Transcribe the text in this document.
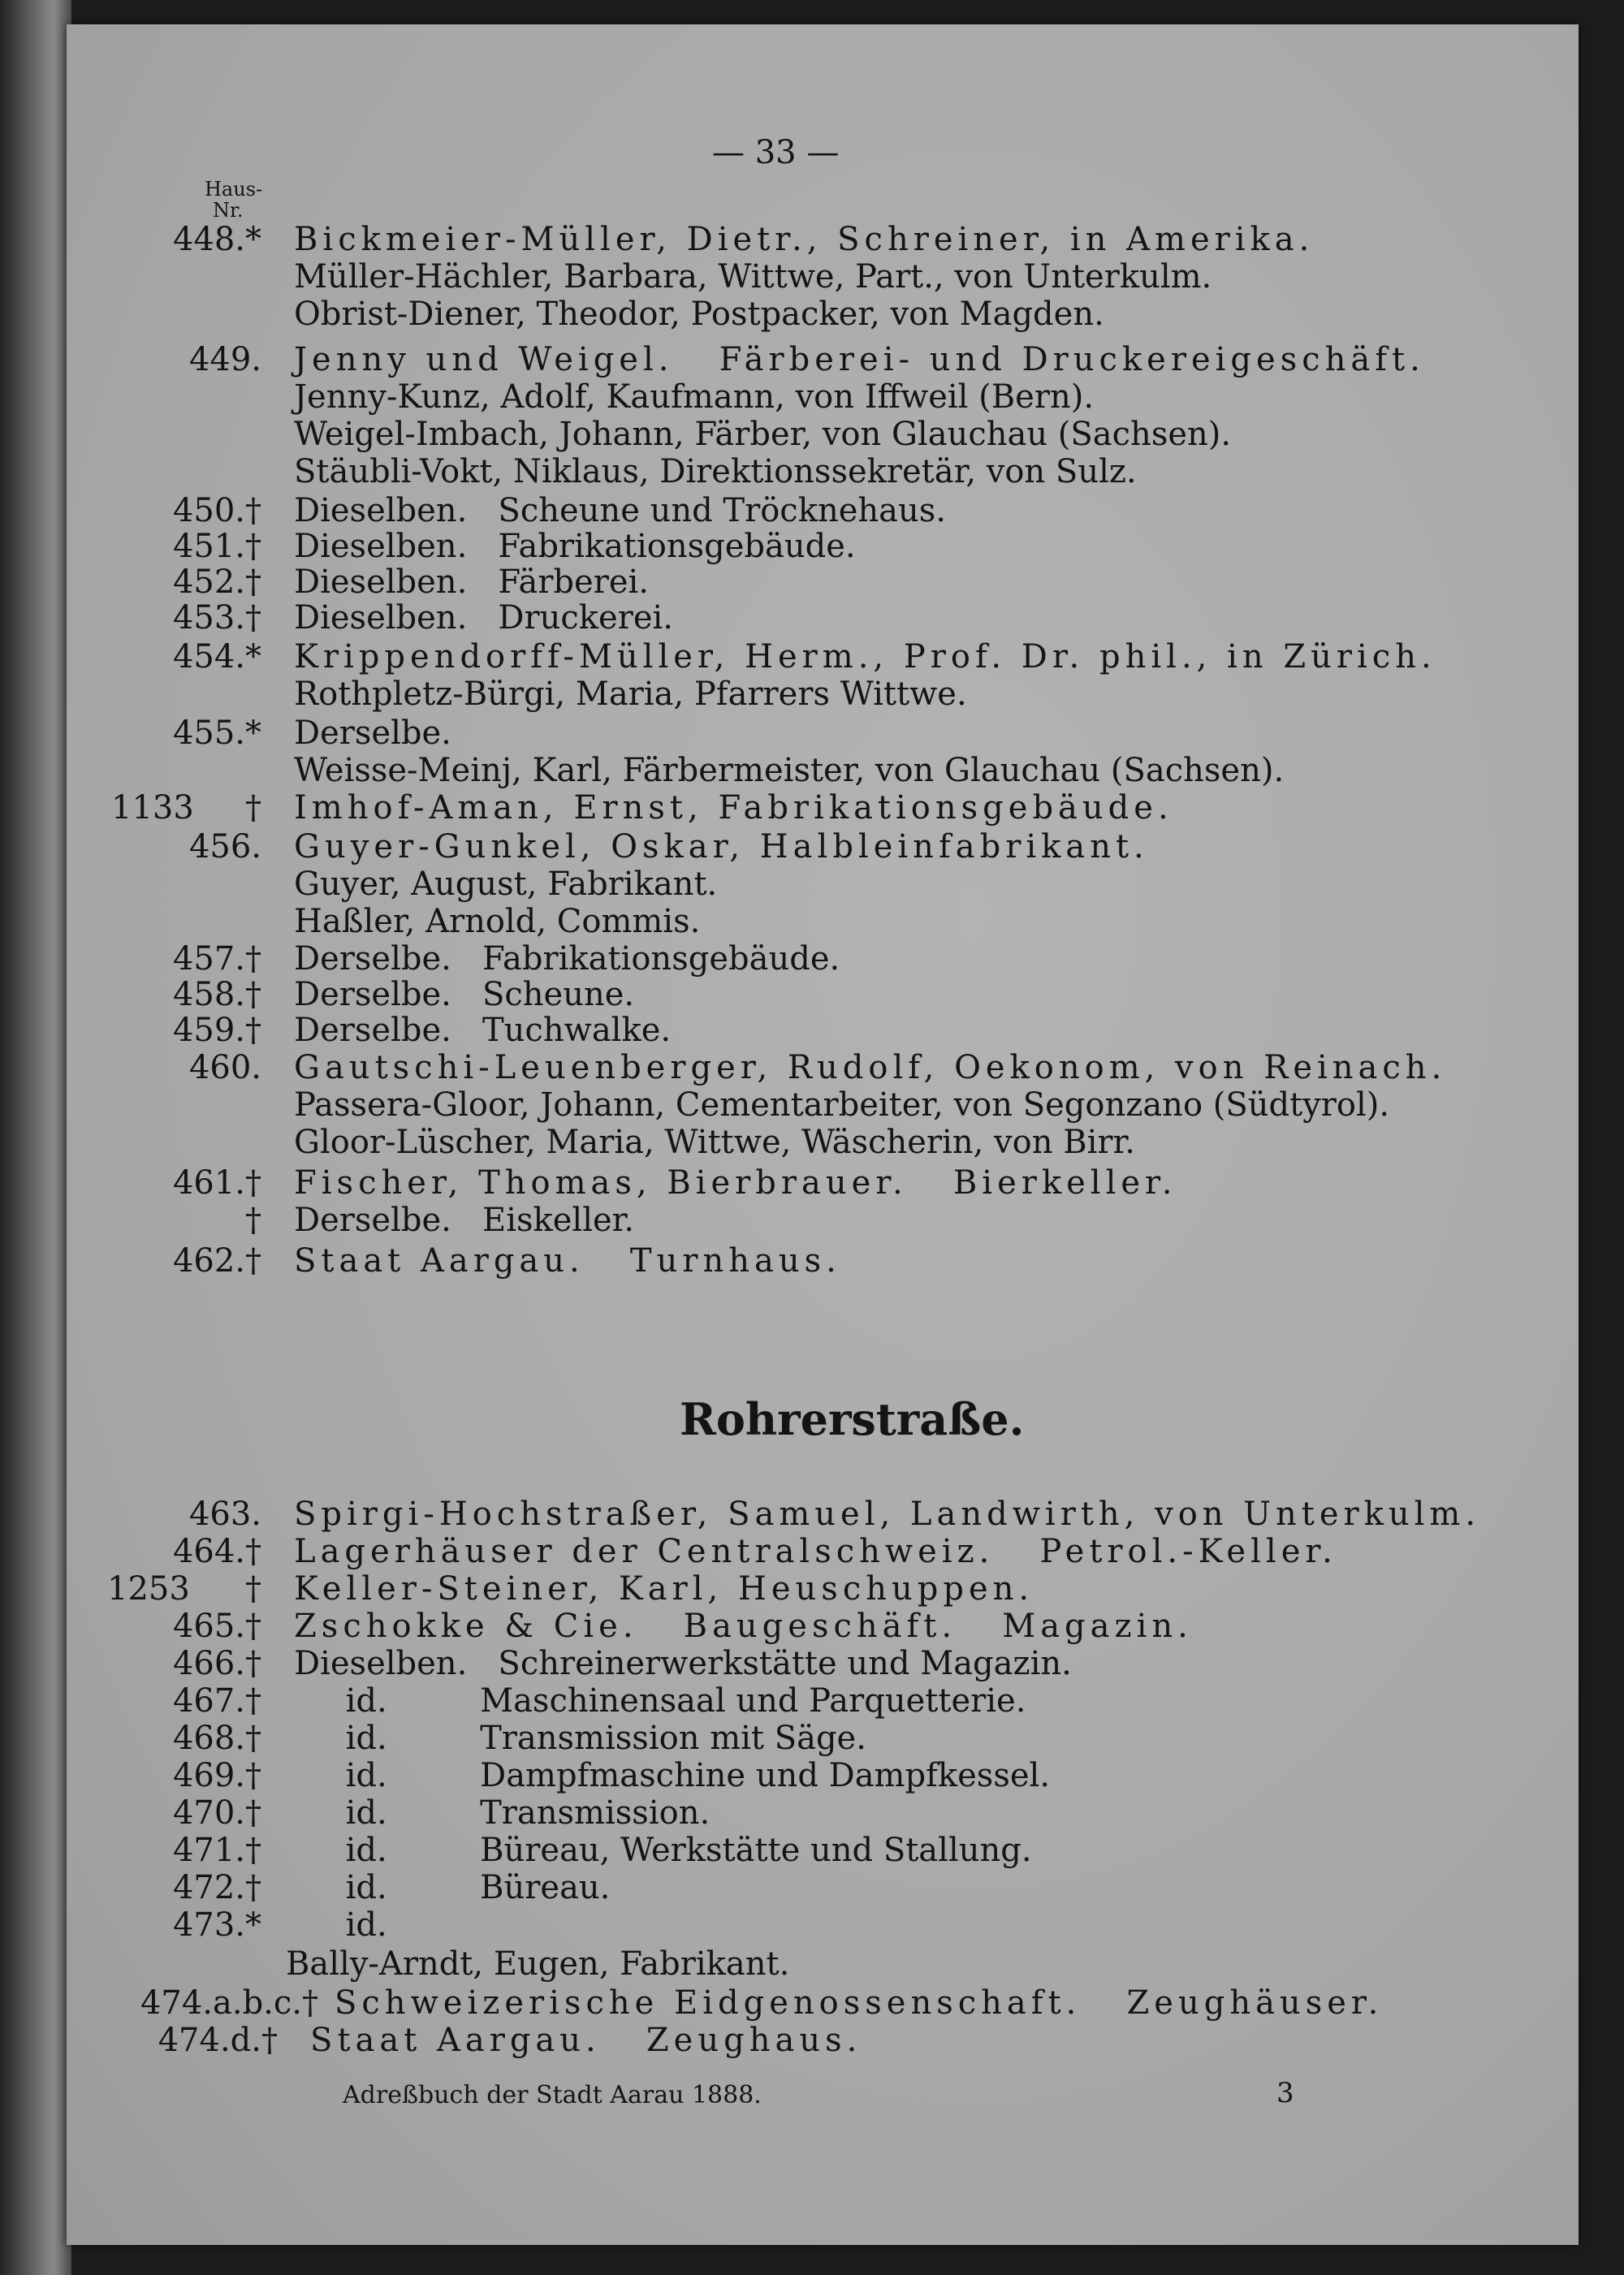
— 33 —
Haus-
Nr.
448.* Bickmeier-Müller, Dietr., Schreiner, in Amerika.
Müller-Hächler, Barbara, Wittwe, Part., von Unterkulm.
Obrist-Diener, Theodor, Postpacker, von Magden.
449. Jenny und Weigel.   Färberei- und Druckereigeschäft.
Jenny-Kunz, Adolf, Kaufmann, von Iffweil (Bern).
Weigel-Imbach, Johann, Färber, von Glauchau (Sachsen).
Stäubli-Vokt, Niklaus, Direktionssekretär, von Sulz.
450.† Dieselben.   Scheune und Tröcknehaus.
451.† Dieselben.   Fabrikationsgebäude.
452.† Dieselben.   Färberei.
453.† Dieselben.   Druckerei.
454.* Krippendorff-Müller, Herm., Prof. Dr. phil., in Zürich.
Rothpletz-Bürgi, Maria, Pfarrers Wittwe.
455.* Derselbe.
Weisse-Meinj, Karl, Färbermeister, von Glauchau (Sachsen).
1133	† Imhof-Aman, Ernst, Fabrikationsgebäude.
456. Guyer-Gunkel, Oskar, Halbleinfabrikant.
Guyer, August, Fabrikant.
Haßler, Arnold, Commis.
457.† Derselbe.   Fabrikationsgebäude.
458.† Derselbe.   Scheune.
459.† Derselbe.   Tuchwalke.
460. Gautschi-Leuenberger, Rudolf, Oekonom, von Reinach.
Passera-Gloor, Johann, Cementarbeiter, von Segonzano (Südtyrol).
Gloor-Lüscher, Maria, Wittwe, Wäscherin, von Birr.
461.† Fischer, Thomas, Bierbrauer.   Bierkeller.
† Derselbe.   Eiskeller.
462.† Staat Aargau.   Turnhaus.
Rohrerstraße.
463. Spirgi-Hochstraßer, Samuel, Landwirth, von Unterkulm.
464.† Lagerhäuser der Centralschweiz.   Petrol.-Keller.
1253	† Keller-Steiner, Karl, Heuschuppen.
465.† Zschokke & Cie.   Baugeschäft.   Magazin.
466.† Dieselben.   Schreinerwerkstätte und Magazin.
467.† id.         Maschinensaal und Parquetterie.
468.† id.         Transmission mit Säge.
469.† id.         Dampfmaschine und Dampfkessel.
470.† id.         Transmission.
471.† id.         Büreau, Werkstätte und Stallung.
472.† id.         Büreau.
473.* id.
Bally-Arndt, Eugen, Fabrikant.
474.a.b.c.† Schweizerische Eidgenossenschaft.   Zeughäuser.
474.d.† Staat Aargau.   Zeughaus.
Adreßbuch der Stadt Aarau 1888.	3
